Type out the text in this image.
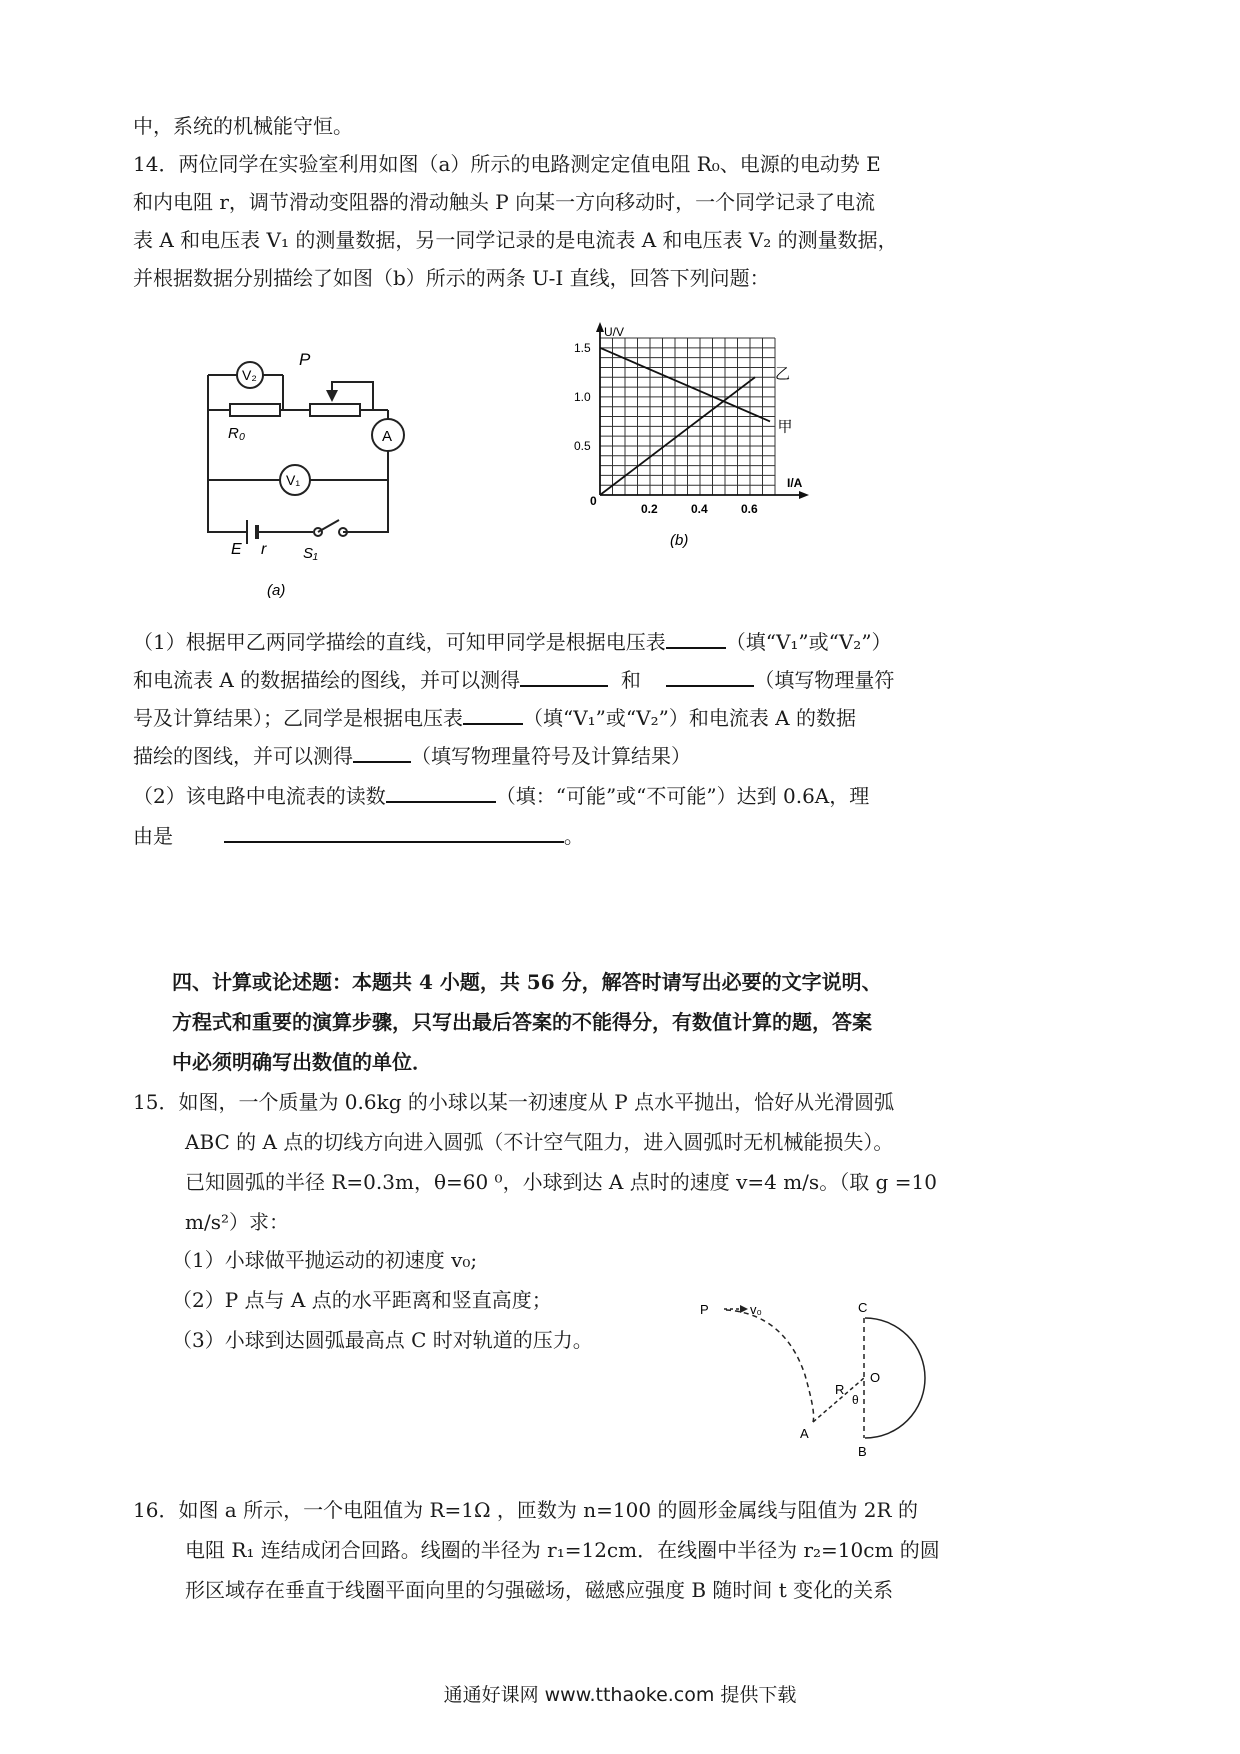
中，系统的机械能守恒。
14．两位同学在实验室利用如图（a）所示的电路测定定值电阻 R₀、电源的电动势 E
和内电阻 r，调节滑动变阻器的滑动触头 P 向某一方向移动时，一个同学记录了电流
表 A 和电压表 V₁ 的测量数据，另一同学记录的是电流表 A 和电压表 V₂ 的测量数据，
并根据数据分别描绘了如图（b）所示的两条 U-I 直线，回答下列问题：
V₂
P
R₀	A
V₁
E r S₁
(a)
甲
乙
0.5
1.0
1.5
0.2	0.4	0.6
0
U/V
I/A
(b)
（1）根据甲乙两同学描绘的直线，可知甲同学是根据电压表	（填“V₁”或“V₂”）
和电流表 A 的数据描绘的图线，并可以测得	和	（填写物理量符
号及计算结果）；乙同学是根据电压表	（填“V₁”或“V₂”）和电流表 A 的数据
描绘的图线，并可以测得	（填写物理量符号及计算结果）
（2）该电路中电流表的读数	（填：“可能”或“不可能”）达到 0.6A，理
由是	。
四、计算或论述题：本题共 4 小题，共 56 分，解答时请写出必要的文字说明、
方程式和重要的演算步骤，只写出最后答案的不能得分，有数值计算的题，答案
中必须明确写出数值的单位．
15．如图，一个质量为 0.6kg 的小球以某一初速度从 P 点水平抛出，恰好从光滑圆弧
ABC 的 A 点的切线方向进入圆弧（不计空气阻力，进入圆弧时无机械能损失）。
已知圆弧的半径 R=0.3m，θ=60 ⁰，小球到达 A 点时的速度 v=4 m/s。（取 g =10
m/s²）求：
（1）小球做平抛运动的初速度 v₀;
（2）P 点与 A 点的水平距离和竖直高度；
（3）小球到达圆弧最高点 C 时对轨道的压力。
P	v₀	C
O
R
θ
A
B
16．如图 a 所示，一个电阻值为 R=1Ω ，匝数为 n=100 的圆形金属线与阻值为 2R 的
电阻 R₁ 连结成闭合回路。线圈的半径为 r₁=12cm．在线圈中半径为 r₂=10cm 的圆
形区域存在垂直于线圈平面向里的匀强磁场，磁感应强度 B 随时间 t 变化的关系
通通好课网 www.tthaoke.com 提供下载
